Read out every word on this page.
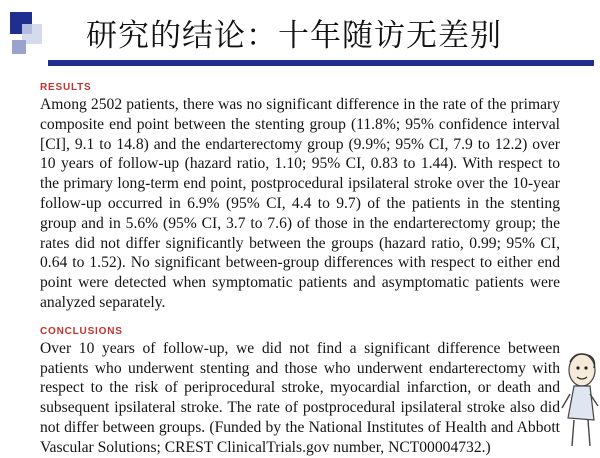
研究的结论：十年随访无差别
RESULTS

Among 2502 patients, there was no significant difference in the rate of the primary composite end point between the stenting group (11.8%; 95% confidence interval [CI], 9.1 to 14.8) and the endarterectomy group (9.9%; 95% CI, 7.9 to 12.2) over 10 years of follow-up (hazard ratio, 1.10; 95% CI, 0.83 to 1.44). With respect to the primary long-term end point, postprocedural ipsilateral stroke over the 10-year follow-up occurred in 6.9% (95% CI, 4.4 to 9.7) of the patients in the stenting group and in 5.6% (95% CI, 3.7 to 7.6) of those in the endarterectomy group; the rates did not differ significantly between the groups (hazard ratio, 0.99; 95% CI, 0.64 to 1.52). No significant between-group differences with respect to either end point were detected when symptomatic patients and asymptomatic patients were analyzed separately.

CONCLUSIONS

Over 10 years of follow-up, we did not find a significant difference between patients who underwent stenting and those who underwent endarterectomy with respect to the risk of periprocedural stroke, myocardial infarction, or death and subsequent ipsilateral stroke. The rate of postprocedural ipsilateral stroke also did not differ between groups. (Funded by the National Institutes of Health and Abbott Vascular Solutions; CREST ClinicalTrials.gov number, NCT00004732.)
